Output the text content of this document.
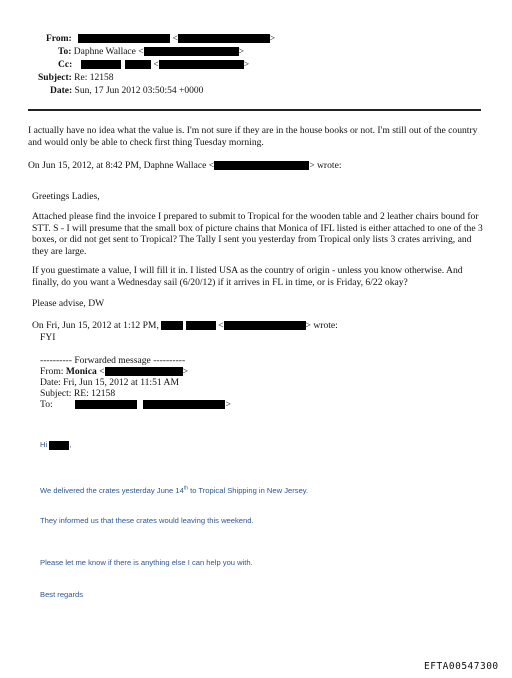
From:	<	>
To: Daphne Wallace <	>
Cc:	<	>
Subject: Re: 12158
Date: Sun, 17 Jun 2012 03:50:54 +0000
I actually have no idea what the value is. I'm not sure if they are in the house books or not. I'm still out of the country
and would only be able to check first thing Tuesday morning.
On Jun 15, 2012, at 8:42 PM, Daphne Wallace <	> wrote:
Greetings Ladies,
Attached please find the invoice I prepared to submit to Tropical for the wooden table and 2 leather chairs bound for STT. S - I will presume that the small box of picture chains that Monica of IFL listed is either attached to one of the 3 boxes, or did not get sent to Tropical? The Tally I sent you yesterday from Tropical only lists 3 crates arriving, and they are large.
If you guestimate a value, I will fill it in. I listed USA as the country of origin - unless you know otherwise. And finally, do you want a Wednesday sail (6/20/12) if it arrives in FL in time, or is Friday, 6/22 okay?
Please advise, DW
On Fri, Jun 15, 2012 at 1:12 PM,	<	> wrote:
FYI
---------- Forwarded message ----------
From: Monica <	>
Date: Fri, Jun 15, 2012 at 11:51 AM
Subject: RE: 12158
To:	>
Hi	,
We delivered the crates yesterday June 14th to Tropical Shipping in New Jersey.
They informed us that these crates would leaving this weekend.
Please let me know if there is anything else I can help you with.
Best regards
EFTA00547300
